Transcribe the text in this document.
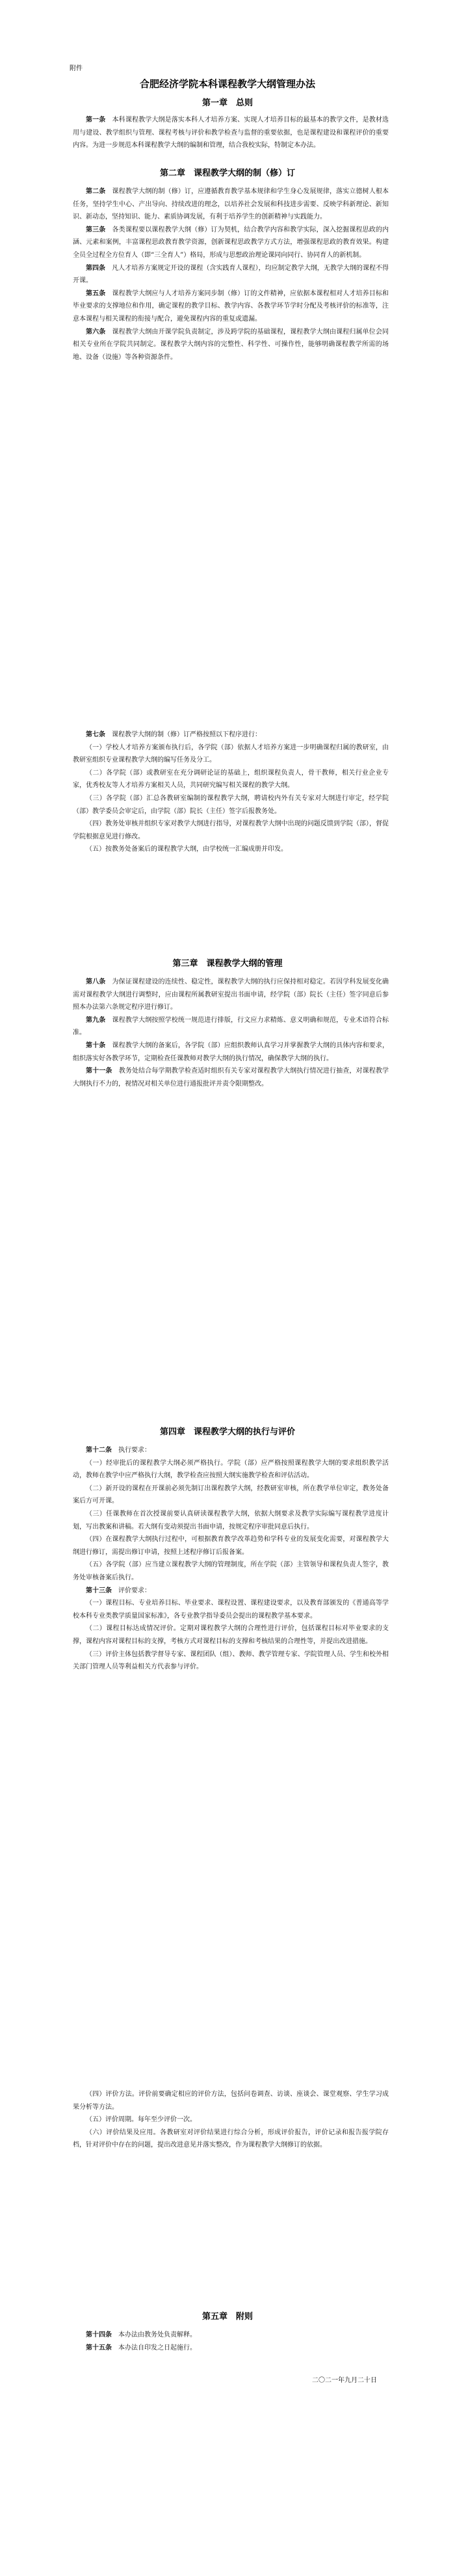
附件
合肥经济学院本科课程教学大纲管理办法
第一章　总则

第一条　 本科课程教学大纲是落实本科人才培养方案、实现人才培养目标的最基本的教学文件，是教材选用与建设、教学组织与管理、课程考核与评价和教学检查与监督的重要依据，也是课程建设和课程评价的重要内容。为进一步规范本科课程教学大纲的编制和管理，结合我校实际，特制定本办法。

第二章　课程教学大纲的制（修）订

第二条　 课程教学大纲的制（修）订，应遵循教育教学基本规律和学生身心发展规律，落实立德树人根本任务，坚持学生中心、产出导向、持续改进的理念，以培养社会发展和科技进步需要、反映学科新理论、新知识、新动态，坚持知识、能力、素质协调发展，有利于培养学生的创新精神与实践能力。

第三条　 各类课程要以课程教学大纲（修）订为契机，结合教学内容和教学实际，深入挖掘课程思政的内涵、元素和案例，丰富课程思政教育教学资源，创新课程思政教学方式方法，增强课程思政的教育效果。构建全员全过程全方位育人（即“三全育人”）格局，形成与思想政治理论课同向同行、协同育人的新机制。

第四条　 凡人才培养方案规定开设的课程（含实践育人课程），均应制定教学大纲，无教学大纲的课程不得开课。

第五条　 课程教学大纲应与人才培养方案同步制（修）订的文件精神，应依据本课程相对人才培养目标和毕业要求的支撑地位和作用，确定课程的教学目标、教学内容、各教学环节学时分配及考核评价的标准等，注意本课程与相关课程的衔接与配合，避免课程内容的重复或遗漏。

第六条　 课程教学大纲由开课学院负责制定，涉及跨学院的基础课程，课程教学大纲由课程归属单位会同相关专业所在学院共同制定。课程教学大纲内容的完整性、科学性、可操作性，能够明确课程教学所需的场地、设备（设施）等各种资源条件。

第七条　 课程教学大纲的制（修）订严格按照以下程序进行：

（一）学校人才培养方案颁布执行后，各学院（部）依据人才培养方案进一步明确课程归属的教研室，由教研室组织专业课程教学大纲的编写任务及分工。

（二）各学院（部）或教研室在充分调研论证的基础上，组织课程负责人，骨干教师，相关行业企业专家，优秀校友等人才培养方案相关人员，共同研究编写相关课程的教学大纲。

（三）各学院（部）汇总各教研室编制的课程教学大纲，聘请校内外有关专家对大纲进行审定，经学院（部）教学委员会审定后，由学院（部）院长（主任）签字后报教务处。

（四）教务处审核并组织专家对教学大纲进行指导，对课程教学大纲中出现的问题反馈到学院（部），督促学院根据意见进行修改。

（五）按教务处备案后的课程教学大纲，由学校统一汇编成册并印发。

第三章　课程教学大纲的管理

第八条　 为保证课程建设的连续性、稳定性，课程教学大纲的执行应保持相对稳定。若因学科发展变化确需对课程教学大纲进行调整时，应由课程所属教研室提出书面申请，经学院（部）院长（主任）签字同意后参照本办法第六条规定程序进行修订。

第九条　 课程教学大纲按照学校统一规范进行排版，行文应力求精炼、意义明确和规范，专业术语符合标准。

第十条　 课程教学大纲的备案后，各学院（部）应组织教师认真学习并掌握教学大纲的具体内容和要求，组织落实好各教学环节，定期检查任课教师对教学大纲的执行情况，确保教学大纲的执行。

第十一条　 教务处结合每学期教学检查适时组织有关专家对课程教学大纲执行情况进行抽查，对课程教学大纲执行不力的，视情况对相关单位进行通报批评并责令限期整改。

第四章　课程教学大纲的执行与评价

第十二条　 执行要求：

（一）经审批后的课程教学大纲必须严格执行。学院（部）应严格按照课程教学大纲的要求组织教学活动，教师在教学中应严格执行大纲，教学检查应按照大纲实施教学检查和评估活动。

（二）新开设的课程在开课前必须先制订出课程教学大纲，经教研室审核，所在教学单位审定，教务处备案后方可开课。

（三）任课教师在首次授课前要认真研读课程教学大纲，依据大纲要求及教学实际编写课程教学进度计划，写出教案和讲稿。若大纲有变动须提出书面申请，按规定程序审批同意后执行。

（四）在课程教学大纲执行过程中，可根据教育教学改革趋势和学科专业的发展变化需要，对课程教学大纲进行修订，需提出修订申请，按照上述程序修订后报备案。

（五）各学院（部）应当建立课程教学大纲的管理制度，所在学院（部）主管领导和课程负责人签字，教务处审核备案后执行。

第十三条　 评价要求：

（一）课程目标、专业培养目标、毕业要求、课程设置、课程建设要求，以及教育部颁发的《普通高等学校本科专业类教学质量国家标准》，各专业教学指导委员会提出的课程教学基本要求。

（二）课程目标达成情况评价。定期对课程教学大纲的合理性进行评价，包括课程目标对毕业要求的支撑，课程内容对课程目标的支撑，考核方式对课程目标的支撑和考核结果的合理性等，并提出改进措施。

（三）评价主体包括教学督导专家、课程团队（组）、教师、教学管理专家、学院管理人员、学生和校外相关部门管理人员等利益相关方代表参与评价。

（四）评价方法。评价前要确定相应的评价方法，包括问卷调查、访谈、座谈会、课堂观察、学生学习成果分析等方法。

（五）评价周期。每年至少评价一次。

（六）评价结果及应用。各教研室对评价结果进行综合分析，形成评价报告，评价记录和报告报学院存档，针对评价中存在的问题，提出改进意见并落实整改，作为课程教学大纲修订的依据。

第五章　附则

第十四条　 本办法由教务处负责解释。

第十五条　 本办法自印发之日起施行。

二〇二一年九月二十日
